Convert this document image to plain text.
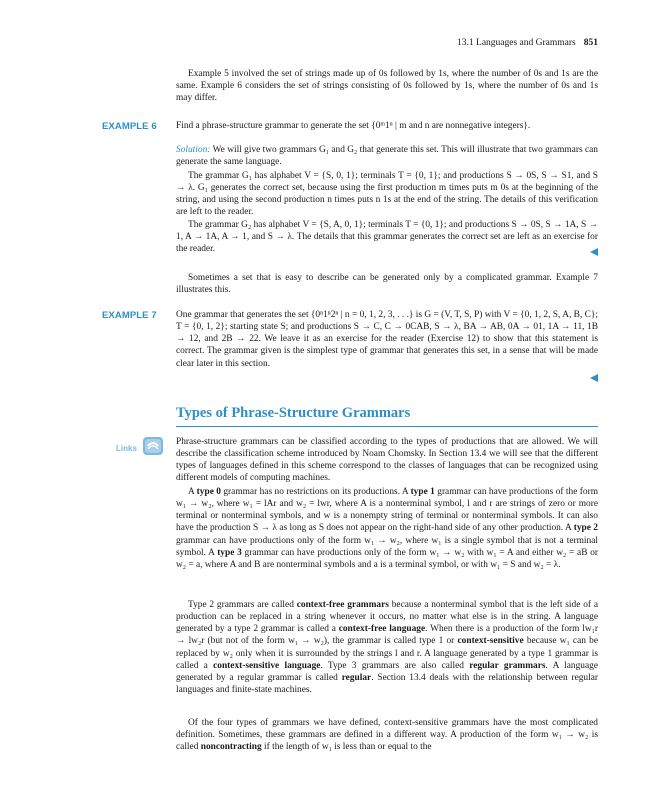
13.1 Languages and Grammars 851
Example 5 involved the set of strings made up of 0s followed by 1s, where the number of 0s and 1s are the same. Example 6 considers the set of strings consisting of 0s followed by 1s, where the number of 0s and 1s may differ.
EXAMPLE 6 Find a phrase-structure grammar to generate the set {0ᵐ1ⁿ | m and n are nonnegative integers}.
Solution: We will give two grammars G₁ and G₂ that generate this set. This will illustrate that two grammars can generate the same language.
The grammar G₁ has alphabet V = {S, 0, 1}; terminals T = {0, 1}; and productions S → 0S, S → S1, and S → λ. G₁ generates the correct set, because using the first production m times puts m 0s at the beginning of the string, and using the second production n times puts n 1s at the end of the string. The details of this verification are left to the reader.
The grammar G₂ has alphabet V = {S, A, 0, 1}; terminals T = {0, 1}; and productions S → 0S, S → 1A, S → 1, A → 1A, A → 1, and S → λ. The details that this grammar generates the correct set are left as an exercise for the reader.
Sometimes a set that is easy to describe can be generated only by a complicated grammar. Example 7 illustrates this.
EXAMPLE 7 One grammar that generates the set {0ⁿ1ⁿ2ⁿ | n = 0, 1, 2, 3, . . .} is G = (V, T, S, P) with V = {0, 1, 2, S, A, B, C}; T = {0, 1, 2}; starting state S; and productions S → C, C → 0CAB, S → λ, BA → AB, 0A → 01, 1A → 11, 1B → 12, and 2B → 22. We leave it as an exercise for the reader (Exercise 12) to show that this statement is correct. The grammar given is the simplest type of grammar that generates this set, in a sense that will be made clear later in this section.
Types of Phrase-Structure Grammars
Links
Phrase-structure grammars can be classified according to the types of productions that are allowed. We will describe the classification scheme introduced by Noam Chomsky. In Section 13.4 we will see that the different types of languages defined in this scheme correspond to the classes of languages that can be recognized using different models of computing machines.
A type 0 grammar has no restrictions on its productions. A type 1 grammar can have productions of the form w₁ → w₂, where w₁ = lAr and w₂ = lwr, where A is a nonterminal symbol, l and r are strings of zero or more terminal or nonterminal symbols, and w is a nonempty string of terminal or nonterminal symbols. It can also have the production S → λ as long as S does not appear on the right-hand side of any other production. A type 2 grammar can have productions only of the form w₁ → w₂, where w₁ is a single symbol that is not a terminal symbol. A type 3 grammar can have productions only of the form w₁ → w₂ with w₁ = A and either w₂ = aB or w₂ = a, where A and B are nonterminal symbols and a is a terminal symbol, or with w₁ = S and w₂ = λ.
Type 2 grammars are called context-free grammars because a nonterminal symbol that is the left side of a production can be replaced in a string whenever it occurs, no matter what else is in the string. A language generated by a type 2 grammar is called a context-free language. When there is a production of the form lw₁r → lw₂r (but not of the form w₁ → w₂), the grammar is called type 1 or context-sensitive because w₁ can be replaced by w₂ only when it is surrounded by the strings l and r. A language generated by a type 1 grammar is called a context-sensitive language. Type 3 grammars are also called regular grammars. A language generated by a regular grammar is called regular. Section 13.4 deals with the relationship between regular languages and finite-state machines.
Of the four types of grammars we have defined, context-sensitive grammars have the most complicated definition. Sometimes, these grammars are defined in a different way. A production of the form w₁ → w₂ is called noncontracting if the length of w₁ is less than or equal to the
